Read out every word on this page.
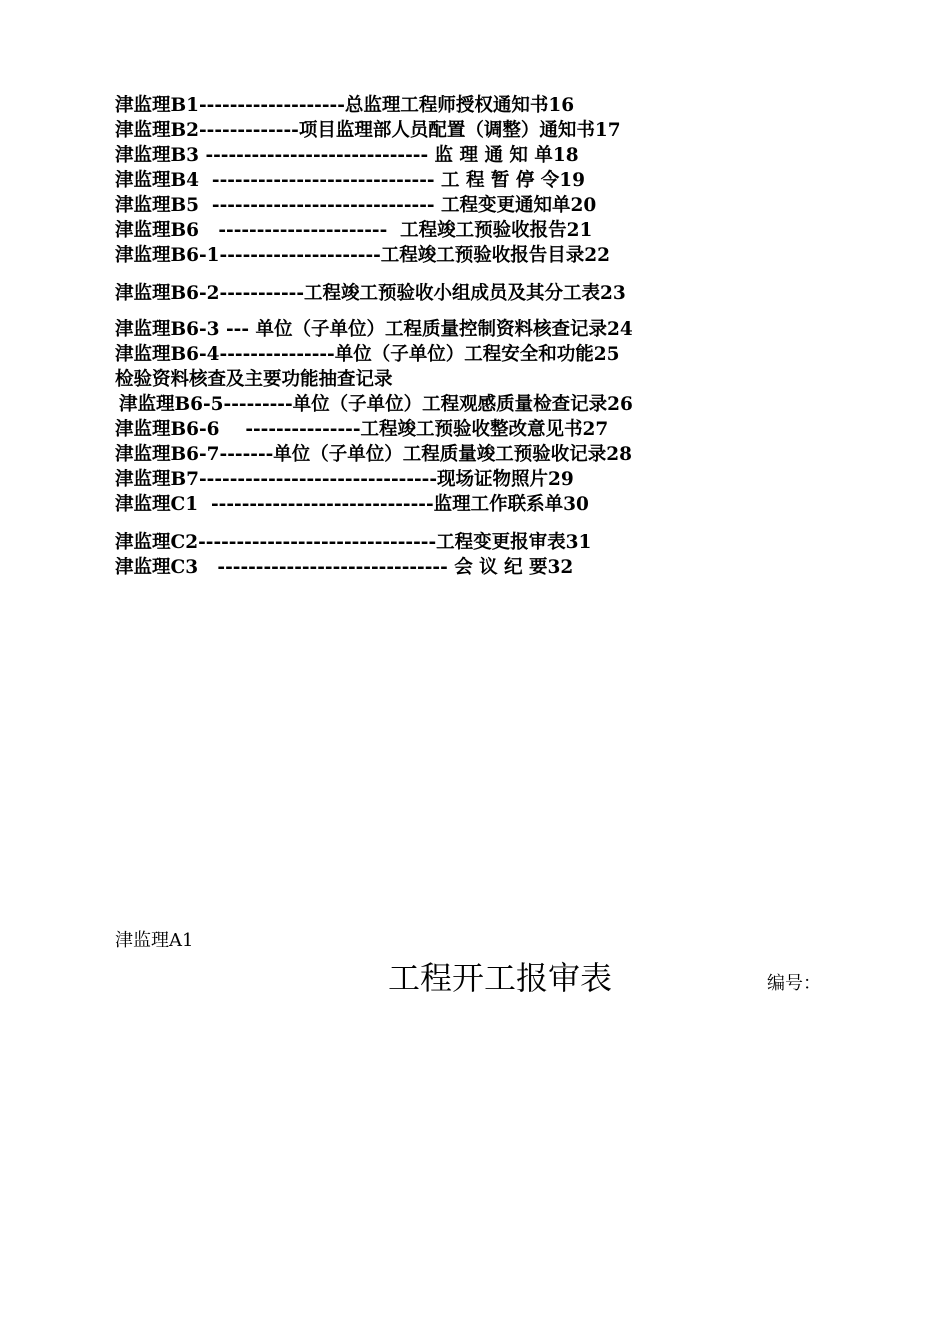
津监理B1-------------------总监理工程师授权通知书16
津监理B2-------------项目监理部人员配置（调整）通知书17
津监理B3 ----------------------------- 监 理 通 知 单18
津监理B4  ----------------------------- 工 程 暂 停 令19
津监理B5  ----------------------------- 工程变更通知单20
津监理B6   ----------------------  工程竣工预验收报告21
津监理B6-1---------------------工程竣工预验收报告目录22
津监理B6-2-----------工程竣工预验收小组成员及其分工表23
津监理B6-3 --- 单位（子单位）工程质量控制资料核查记录24
津监理B6-4---------------单位（子单位）工程安全和功能25
检验资料核查及主要功能抽查记录
津监理B6-5---------单位（子单位）工程观感质量检查记录26
津监理B6-6    ---------------工程竣工预验收整改意见书27
津监理B6-7-------单位（子单位）工程质量竣工预验收记录28
津监理B7-------------------------------现场证物照片29
津监理C1  -----------------------------监理工作联系单30
津监理C2-------------------------------工程变更报审表31
津监理C3   ------------------------------ 会 议 纪 要32
津监理A1
工程开工报审表	编号：
